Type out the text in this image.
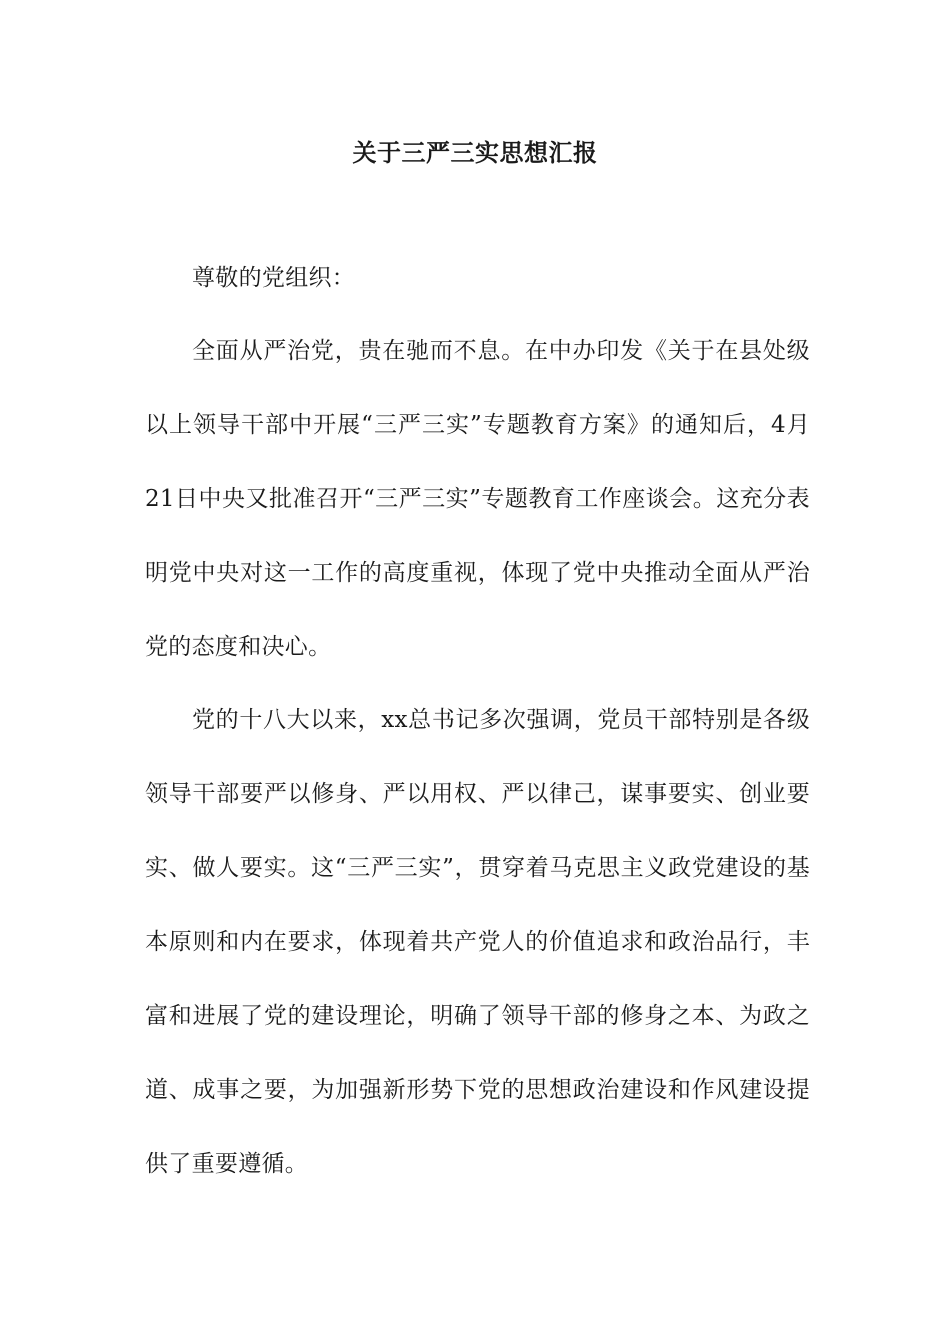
关于三严三实思想汇报

尊敬的党组织：

全面从严治党，贵在驰而不息。在中办印发《关于在县处级以上领导干部中开展“三严三实”专题教育方案》的通知后，4月21日中央又批准召开“三严三实”专题教育工作座谈会。这充分表明党中央对这一工作的高度重视，体现了党中央推动全面从严治党的态度和决心。

党的十八大以来，xx总书记多次强调，党员干部特别是各级领导干部要严以修身、严以用权、严以律己，谋事要实、创业要实、做人要实。这“三严三实”，贯穿着马克思主义政党建设的基本原则和内在要求，体现着共产党人的价值追求和政治品行，丰富和进展了党的建设理论，明确了领导干部的修身之本、为政之道、成事之要，为加强新形势下党的思想政治建设和作风建设提供了重要遵循。
